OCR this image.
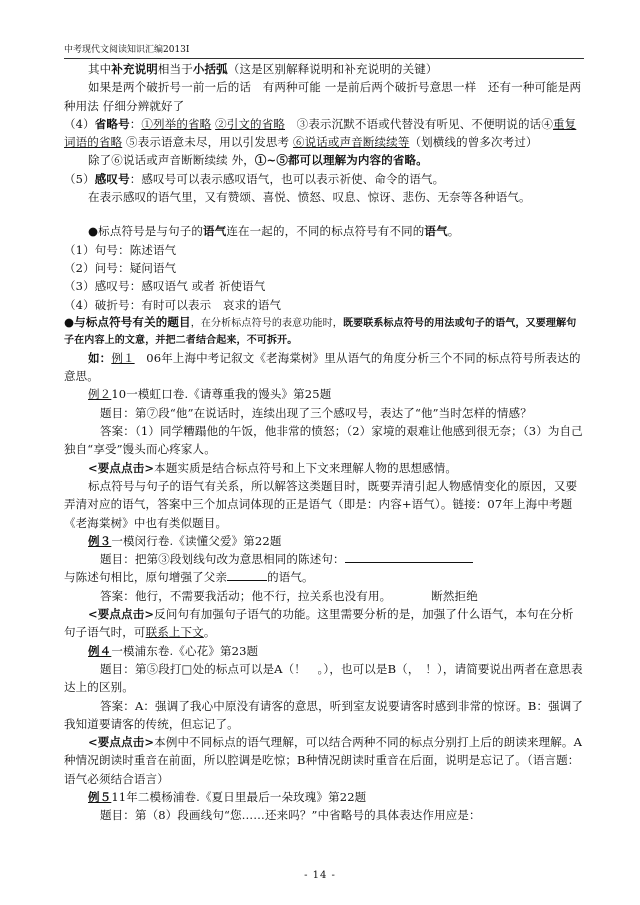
中考现代文阅读知识汇编2013Ⅰ

其中补充说明相当于小括弧（这是区别解释说明和补充说明的关键）

如果是两个破折号一前一后的话　有两种可能 一是前后两个破折号意思一样　还有一种可能是两种用法 仔细分辨就好了

（4）省略号：①列举的省略 ②引文的省略　③表示沉默不语或代替没有听见、不便明说的话④重复词语的省略 ⑤表示语意未尽，用以引发思考 ⑥说话或声音断续续等（划横线的曾多次考过）

除了⑥说话或声音断断续续 外，①~⑤都可以理解为内容的省略。

（5）感叹号：感叹号可以表示感叹语气，也可以表示祈使、命令的语气。

在表示感叹的语气里，又有赞颂、喜悦、愤怒、叹息、惊讶、悲伤、无奈等各种语气。

●标点符号是与句子的语气连在一起的，不同的标点符号有不同的语气。

（1）句号：陈述语气

（2）问号：疑问语气

（3）感叹号：感叹语气 或者 祈使语气

（4）破折号：有时可以表示　哀求的语气

●与标点符号有关的题目，在分析标点符号的表意功能时，既要联系标点符号的用法或句子的语气，又要理解句子在内容上的文意，并把二者结合起来，不可拆开。

如：例１　06年上海中考记叙文《老海棠树》里从语气的角度分析三个不同的标点符号所表达的意思。

例２10一模虹口卷.《请尊重我的馒头》第25题

题目：第⑦段“他”在说话时，连续出现了三个感叹号，表达了“他”当时怎样的情感？

答案：（1）同学糟蹋他的午饭，他非常的愤怒；（2）家境的艰难让他感到很无奈；（3）为自己独自“享受”馒头而心疼家人。

<要点点击>本题实质是结合标点符号和上下文来理解人物的思想感情。

标点符号与句子的语气有关系，所以解答这类题目时，既要弄清引起人物感情变化的原因，又要弄清对应的语气，答案中三个加点词体现的正是语气（即是：内容+语气）。链接：07年上海中考题《老海棠树》中也有类似题目。

例３一模闵行卷.《读懂父爱》第22题

题目：把第③段划线句改为意思相同的陈述句：

与陈述句相比，原句增强了父亲	的语气。

答案：他行，不需要我活动；他不行，拉关系也没有用。	断然拒绝

<要点点击>反问句有加强句子语气的功能。这里需要分析的是，加强了什么语气，本句在分析句子语气时，可联系上下文。

例４一模浦东卷.《心花》第23题

题目：第⑤段打□处的标点可以是A（！　。），也可以是B（，　！），请简要说出两者在意思表达上的区别。

答案：A：强调了我心中原没有请客的意思，听到室友说要请客时感到非常的惊讶。B：强调了我知道要请客的传统，但忘记了。

<要点点击>本例中不同标点的语气理解，可以结合两种不同的标点分别打上后的朗读来理解。A种情况朗读时重音在前面，所以腔调是吃惊；B种情况朗读时重音在后面，说明是忘记了。（语言题：语气必须结合语言）

例５11年二模杨浦卷.《夏日里最后一朵玫瑰》第22题

题目：第（8）段画线句“您……还来吗？”中省略号的具体表达作用应是：

- 14 -
